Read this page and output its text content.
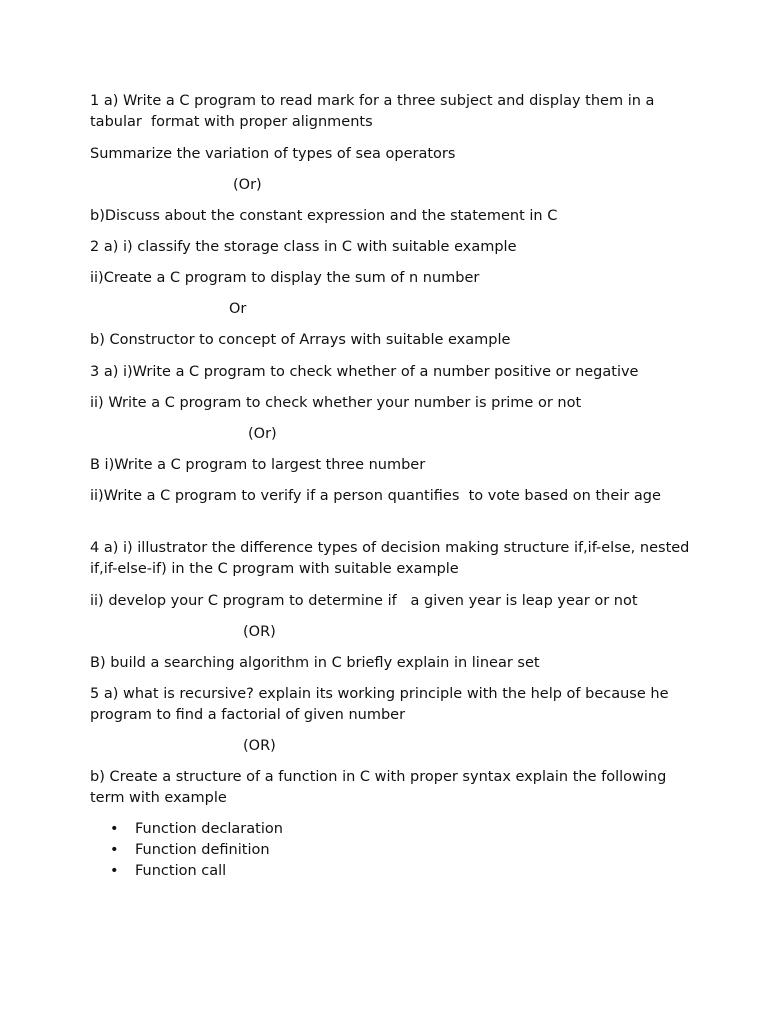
1 a) Write a C program to read mark for a three subject and display them in a tabular  format with proper alignments
Summarize the variation of types of sea operators
(Or)
b)Discuss about the constant expression and the statement in C
2 a) i) classify the storage class in C with suitable example
ii)Create a C program to display the sum of n number
Or
b) Constructor to concept of Arrays with suitable example
3 a) i)Write a C program to check whether of a number positive or negative
ii) Write a C program to check whether your number is prime or not
(Or)
B i)Write a C program to largest three number
ii)Write a C program to verify if a person quantifies  to vote based on their age
4 a) i) illustrator the difference types of decision making structure if,if-else, nested if,if-else-if) in the C program with suitable example
ii) develop your C program to determine if   a given year is leap year or not
(OR)
B) build a searching algorithm in C briefly explain in linear set
5 a) what is recursive? explain its working principle with the help of because he program to find a factorial of given number
(OR)
b) Create a structure of a function in C with proper syntax explain the following term with example
• Function declaration
• Function definition
• Function call
